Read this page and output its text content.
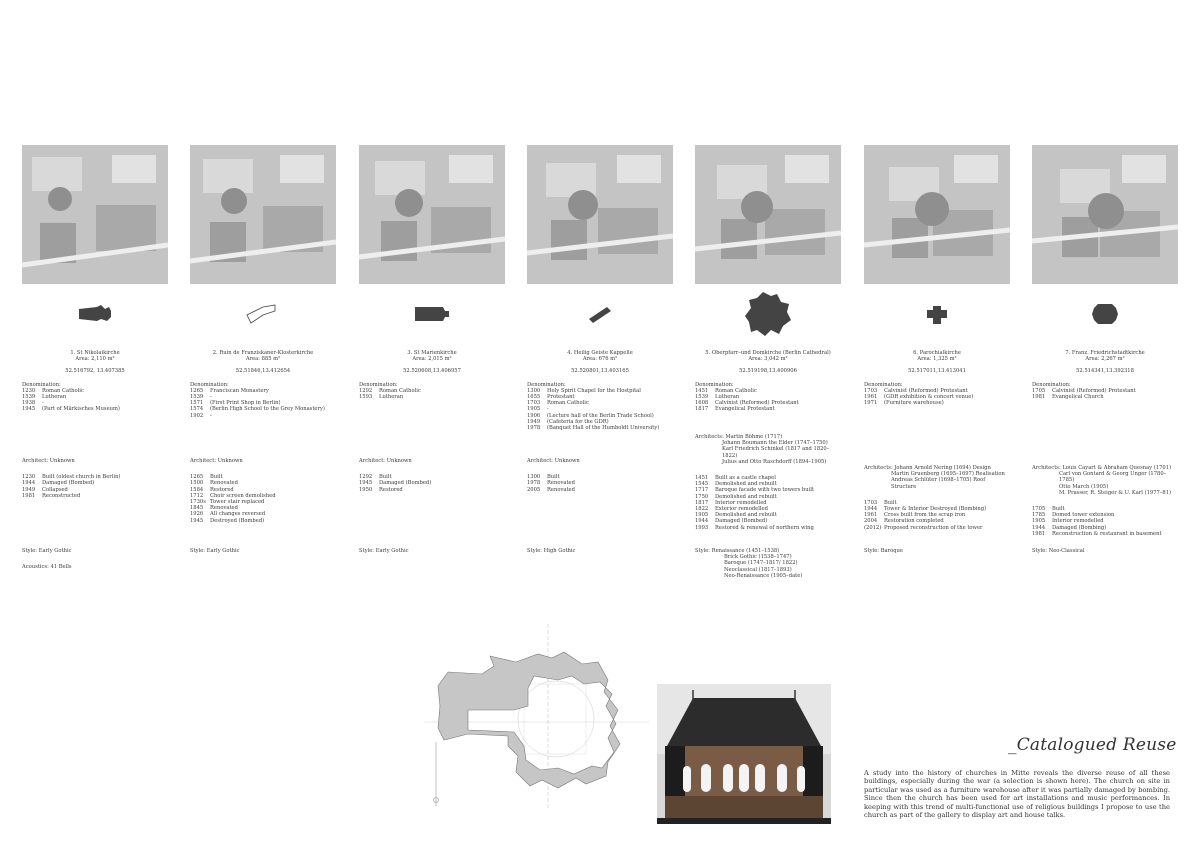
1. St Nikolaikirche
Area: 2,110 m²
52.516792, 13.407385
Denomination:
1230	Roman Catholic
1539	Lutheran
1938	-
1945	(Part of Märkisches Museum)
Architect: Unknown
1230	Built (oldest church in Berlin)
1944	Damaged (Bombed)
1949	Collapsed
1981	Reconstructed
Style: Early Gothic
Acoustics: 41 Bells
2. Ruin de Franziskaner-Klosterkirche
Area: 885 m²
52.51846,13.412654
Denomination:
1265	Franciscan Monastery
1539	-
1571	(First Print Shop in Berlin)
1574	(Berlin High School to the Grey Monastery)
1902	-
Architect: Unknown
1265	Built
1500	Renovated
1584	Restored
1712	Choir screen demolished
1730s Tower stair replaced
1845	Renovated
1926	All changes reversed
1945	Destroyed (Bombed)
Style: Early Gothic
3. St Marienkirche
Area: 2,015 m²
52.520608,13.406957
Denomination:
1292	Roman Catholic
1593	Lutheran
Architect: Unknown
1292	Built
1945	Damaged (Bombed)
1950	Restored
Style: Early Gothic
4. Heilig Geiste Kappelle
Area: 676 m²
52.520801,13.403165
Denomination:
1300	Holy Spirit Chapel for the Hostpital
1655	Protestant
1703	Roman Catholic
1905	-
1906	(Lecture hall of the Berlin Trade School)
1949	(Cafeteria for the GDR)
1978	(Banquet Hall of the Humboldt University)
Architect: Unknown
1300	Built
1978	Renovated
2005	Renovated
Style: High Gothic
5. Oberpfarr–und Domkirche (Berlin Cathedral)
Area: 3,042 m²
52.519198,13.400906
Denomination:
1451	Roman Catholic
1539	Lutheran
1608	Calvinist (Reformed) Protestant
1817	Evangelical Protestant
Architects: Martin Böhme (1717)
Johann Boumann the Elder (1747–1750)
Karl Friedrich Schinkel (1817 and 1820–1822)
Julius and Otto Raschdorff (1894–1905)
1451	Built as a castle chapel
1545	Demolished and rebuilt
1717	Baroque facade with two towers built
1750	Demolished and rebuilt
1817	Interior remodelled
1822	Exterior remodelled
1905	Demolished and rebuilt
1944	Damaged (Bombed)
1993	Restored & renewal of northern wing
Style: Renaissance (1451–1538)
Brick Gothic (1538–1747)
Baroque (1747–1817/ 1822)
Neoclassical (1817–1893)
Neo-Renaissance (1905–date)
6. Parochialkirche
Area: 1,325 m²
52.517011,13.413041
Denomination:
1703	Calvinist (Reformed) Protestant
1961	(GDR exhibition & concert venue)
1971	(Furniture warehouse)
Architects: Johann Arnold Nering (1694) Design
Martin Gruenberg (1695–1697) Realisation
Andreas Schlüter (1698–1705) Roof Structure
1703	Built
1944	Tower & Interior Destroyed (Bombing)
1961	Cross built from the scrap iron
2004	Restoration completed
(2012) Proposed reconstruction of the tower
Style: Baroque
7. Franz. Friedrichstadtkirche
Area: 2,267 m²
52.514341,13.392318
Denomination:
1705	Calvinist (Reformed) Protestant
1981	Evangelical Church
Architects: Louis Cayart & Abraham Quesnay (1701)
Carl von Gontard & Georg Unger (1780–1785)
Otto March (1905)
M. Prasser, R. Steiger & U. Karl (1977–81)
1705	Built
1785	Domed tower extension
1905	Interior remodelled
1944	Damaged (Bombing)
1981	Reconstruction & restaurant in basement
Style: Neo-Classical
_Catalogued Reuse
A study into the history of churches in Mitte reveals the diverse reuse of all these buildings, especially during the war (a selection is shown here). The church on site in particular was used as a furniture warehouse after it was partially damaged by bombing. Since then the church has been used for art installations and music performances. In keeping with this trend of multi-functional use of religious buildings I propose to use the church as part of the gallery to display art and house talks.
